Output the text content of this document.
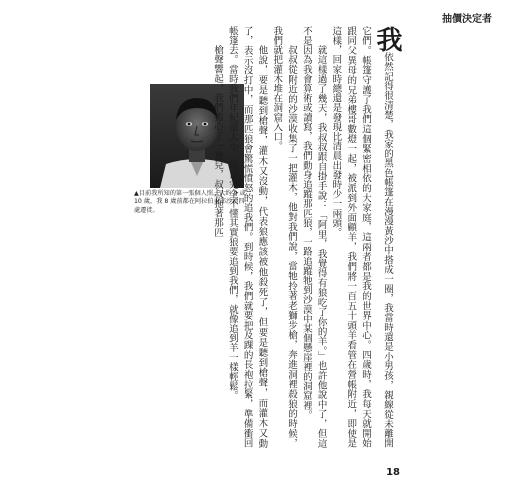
抽價決定者
▲目前我所知的第一張個人照，大約 9 或 10 歲，我 8 歲前都在阿拉伯東部沙漠四處遷徙。

我依然記得很清楚，我家的黑色帳篷在漫漫黃沙中搭成一圈，我當時還是小男孩，親線從未離開它們。帳篷守護了我們這個緊密相依的大家庭，這兩者都是我的世界中心。四歲時，我每天就開始跟同父異母的兄弟樓哥數燈一起，被派到外面顧羊，我們將一百五十頭羊看管在營帳附近，即使是這樣，回家時總還是發現比清晨出發時少一兩頭。

就這樣過了幾天，我叔叔跟自掛手說：「阿里，我覺得有狼吃了你的羊。」也許他說中了，但這不是因為我會算術或讀寫，我們動身追蹤那匹狼，一路追蹤牠到沙漠中某個懸崖裡的洞窟裡。

叔叔從附近的沙漠收集了一把灌木，他對我們說，當牠拎著老獅步槍，奔進洞裡殺狼的時候，我們就把灌木堆在洞窟入口。

他說，要是聽到槍聲，灌木又沒動，代表狼應該被他殺死了，但要是聽到槍聲，而灌木又動了，表示沒打中，而那匹狼會驚慌憤怒的追我們。到時候，我們就要把及踝的長袍拉緊，準備衝回帳篷去。當時我們年紀還太小，所以完全不懂其實狼要追到我們，就像追到羊一樣輕鬆。

槍聲響起，我們擔心了一會兒，叔叔拖著那匹

18
